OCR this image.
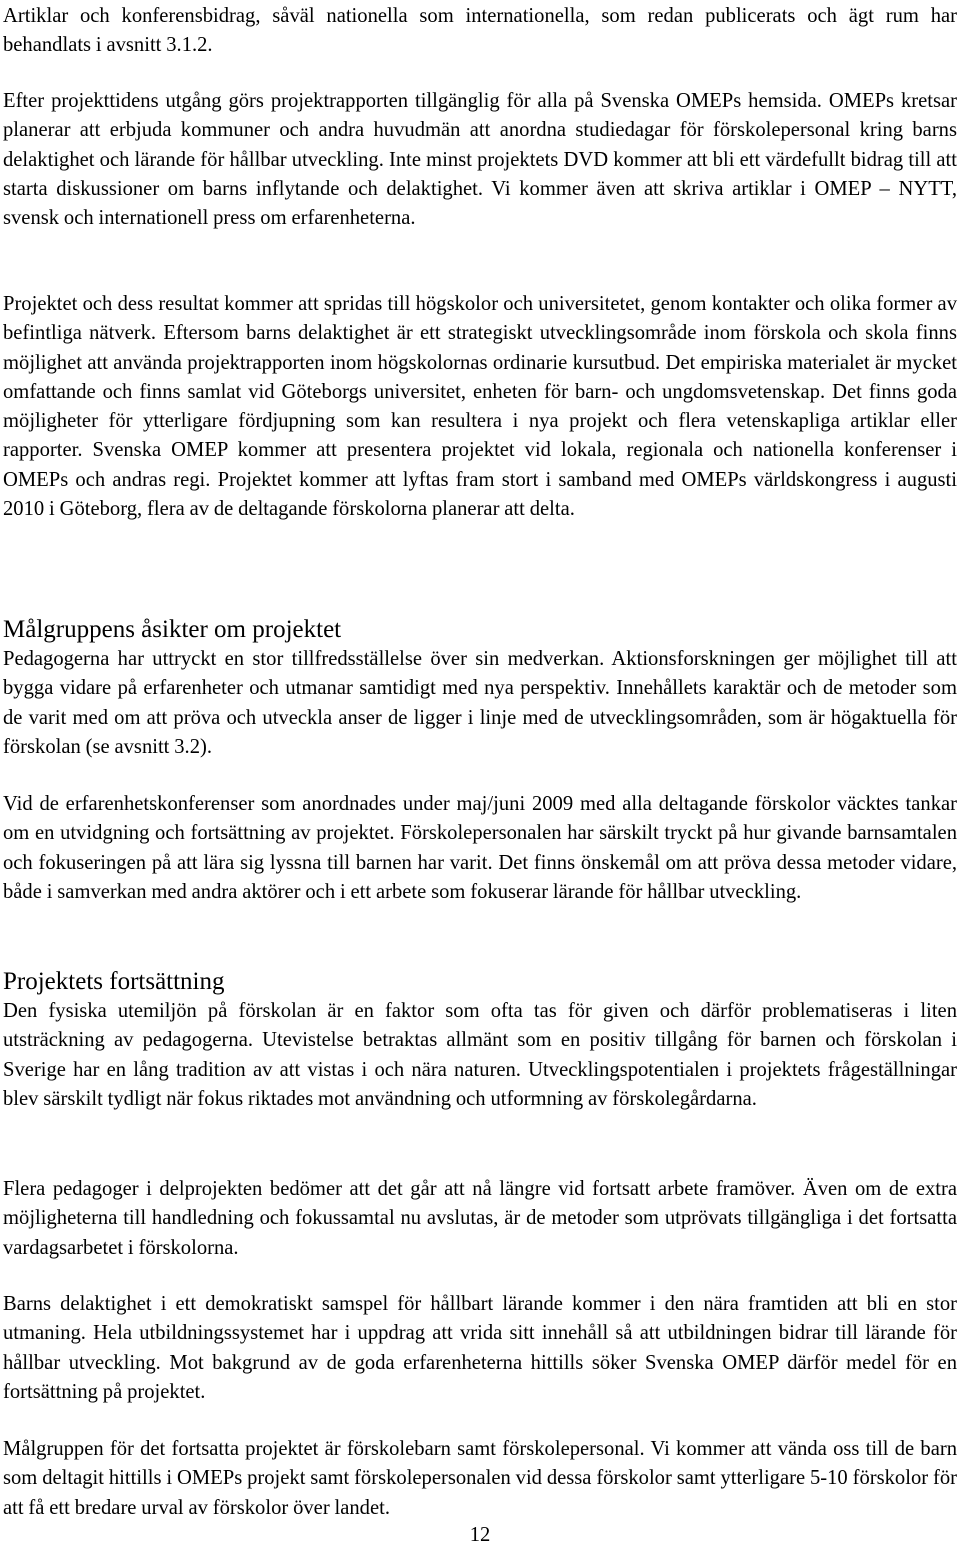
Artiklar och konferensbidrag, såväl nationella som internationella, som redan publicerats och ägt rum har behandlats i avsnitt 3.1.2.

Efter projekttidens utgång görs projektrapporten tillgänglig för alla på Svenska OMEPs hemsida. OMEPs kretsar planerar att erbjuda kommuner och andra huvudmän att anordna studiedagar för förskolepersonal kring barns delaktighet och lärande för hållbar utveckling. Inte minst projektets DVD kommer att bli ett värdefullt bidrag till att starta diskussioner om barns inflytande och delaktighet. Vi kommer även att skriva artiklar i OMEP – NYTT, svensk och internationell press om erfarenheterna.

Projektet och dess resultat kommer att spridas till högskolor och universitetet, genom kontakter och olika former av befintliga nätverk. Eftersom barns delaktighet är ett strategiskt utvecklingsområde inom förskola och skola finns möjlighet att använda projektrapporten inom högskolornas ordinarie kursutbud. Det empiriska materialet är mycket omfattande och finns samlat vid Göteborgs universitet, enheten för barn- och ungdomsvetenskap. Det finns goda möjligheter för ytterligare fördjupning som kan resultera i nya projekt och flera vetenskapliga artiklar eller rapporter. Svenska OMEP kommer att presentera projektet vid lokala, regionala och nationella konferenser i OMEPs och andras regi. Projektet kommer att lyftas fram stort i samband med OMEPs världskongress i augusti 2010 i Göteborg, flera av de deltagande förskolorna planerar att delta.

Målgruppens åsikter om projektet

Pedagogerna har uttryckt en stor tillfredsställelse över sin medverkan. Aktionsforskningen ger möjlighet till att bygga vidare på erfarenheter och utmanar samtidigt med nya perspektiv. Innehållets karaktär och de metoder som de varit med om att pröva och utveckla anser de ligger i linje med de utvecklingsområden, som är högaktuella för förskolan (se avsnitt 3.2).

Vid de erfarenhetskonferenser som anordnades under maj/juni 2009 med alla deltagande förskolor väcktes tankar om en utvidgning och fortsättning av projektet. Förskolepersonalen har särskilt tryckt på hur givande barnsamtalen och fokuseringen på att lära sig lyssna till barnen har varit. Det finns önskemål om att pröva dessa metoder vidare, både i samverkan med andra aktörer och i ett arbete som fokuserar lärande för hållbar utveckling.

Projektets fortsättning

Den fysiska utemiljön på förskolan är en faktor som ofta tas för given och därför problematiseras i liten utsträckning av pedagogerna. Utevistelse betraktas allmänt som en positiv tillgång för barnen och förskolan i Sverige har en lång tradition av att vistas i och nära naturen. Utvecklingspotentialen i projektets frågeställningar blev särskilt tydligt när fokus riktades mot användning och utformning av förskolegårdarna.

Flera pedagoger i delprojekten bedömer att det går att nå längre vid fortsatt arbete framöver. Även om de extra möjligheterna till handledning och fokussamtal nu avslutas, är de metoder som utprövats tillgängliga i det fortsatta vardagsarbetet i förskolorna.

Barns delaktighet i ett demokratiskt samspel för hållbart lärande kommer i den nära framtiden att bli en stor utmaning. Hela utbildningssystemet har i uppdrag att vrida sitt innehåll så att utbildningen bidrar till lärande för hållbar utveckling. Mot bakgrund av de goda erfarenheterna hittills söker Svenska OMEP därför medel för en fortsättning på projektet.

Målgruppen för det fortsatta projektet är förskolebarn samt förskolepersonal. Vi kommer att vända oss till de barn som deltagit hittills i OMEPs projekt samt förskolepersonalen vid dessa förskolor samt ytterligare 5-10 förskolor för att få ett bredare urval av förskolor över landet.

12
